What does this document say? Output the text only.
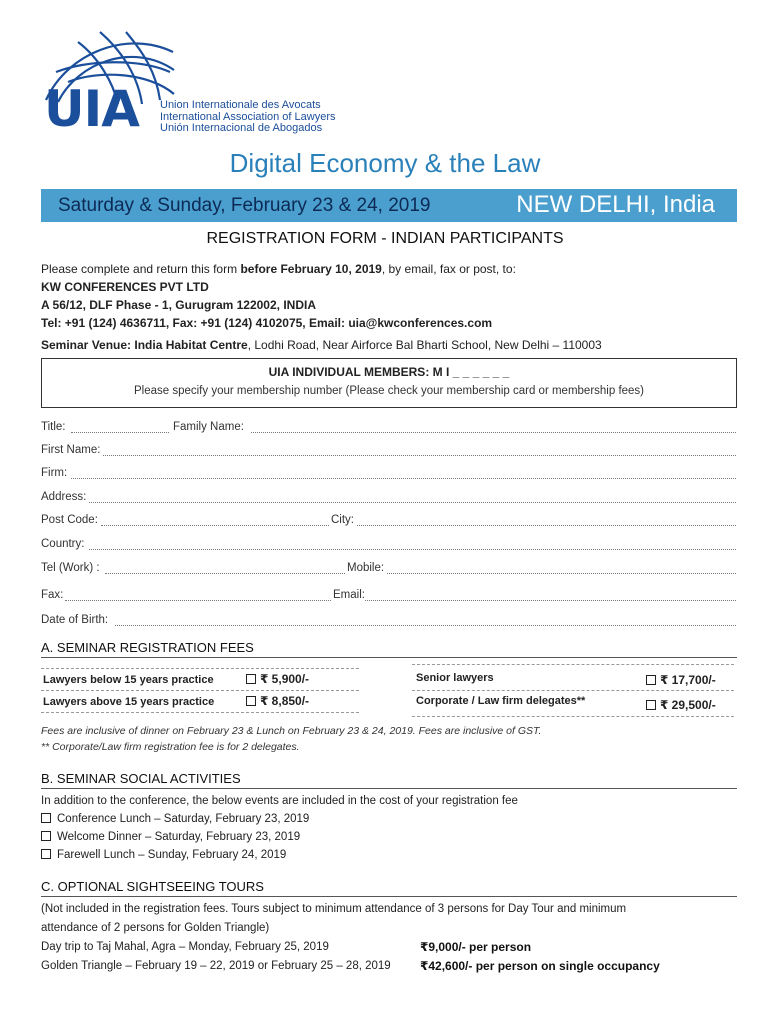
UIA Union Internationale des Avocats
International Association of Lawyers
Unión Internacional de Abogados
Digital Economy & the Law
Saturday & Sunday, February 23 & 24, 2019	NEW DELHI, India
REGISTRATION FORM - INDIAN PARTICIPANTS
Please complete and return this form before February 10, 2019, by email, fax or post, to:
KW CONFERENCES PVT LTD
A 56/12, DLF Phase - 1, Gurugram 122002, INDIA
Tel: +91 (124) 4636711, Fax: +91 (124) 4102075, Email: uia@kwconferences.com
Seminar Venue: India Habitat Centre, Lodhi Road, Near Airforce Bal Bharti School, New Delhi – 110003
UIA INDIVIDUAL MEMBERS: M I _ _ _ _ _ _
Please specify your membership number (Please check your membership card or membership fees)
Title:	Family Name:
First Name:
Firm:
Address:
Post Code:	City:
Country:
Tel (Work) :	Mobile:
Fax:	Email:
Date of Birth:
A. SEMINAR REGISTRATION FEES
Lawyers below 15 years practice	₹ 5,900/-
Lawyers above 15 years practice	₹ 8,850/-
Senior lawyers	₹ 17,700/-
Corporate / Law firm delegates**	₹ 29,500/-
Fees are inclusive of dinner on February 23 & Lunch on February 23 & 24, 2019. Fees are inclusive of GST.
** Corporate/Law firm registration fee is for 2 delegates.
B. SEMINAR SOCIAL ACTIVITIES
In addition to the conference, the below events are included in the cost of your registration fee
Conference Lunch – Saturday, February 23, 2019
Welcome Dinner – Saturday, February 23, 2019
Farewell Lunch – Sunday, February 24, 2019
C. OPTIONAL SIGHTSEEING TOURS
(Not included in the registration fees. Tours subject to minimum attendance of 3 persons for Day Tour and minimum
attendance of 2 persons for Golden Triangle)
Day trip to Taj Mahal, Agra – Monday, February 25, 2019	₹9,000/- per person
Golden Triangle – February 19 – 22, 2019 or February 25 – 28, 2019 ₹42,600/- per person on single occupancy
